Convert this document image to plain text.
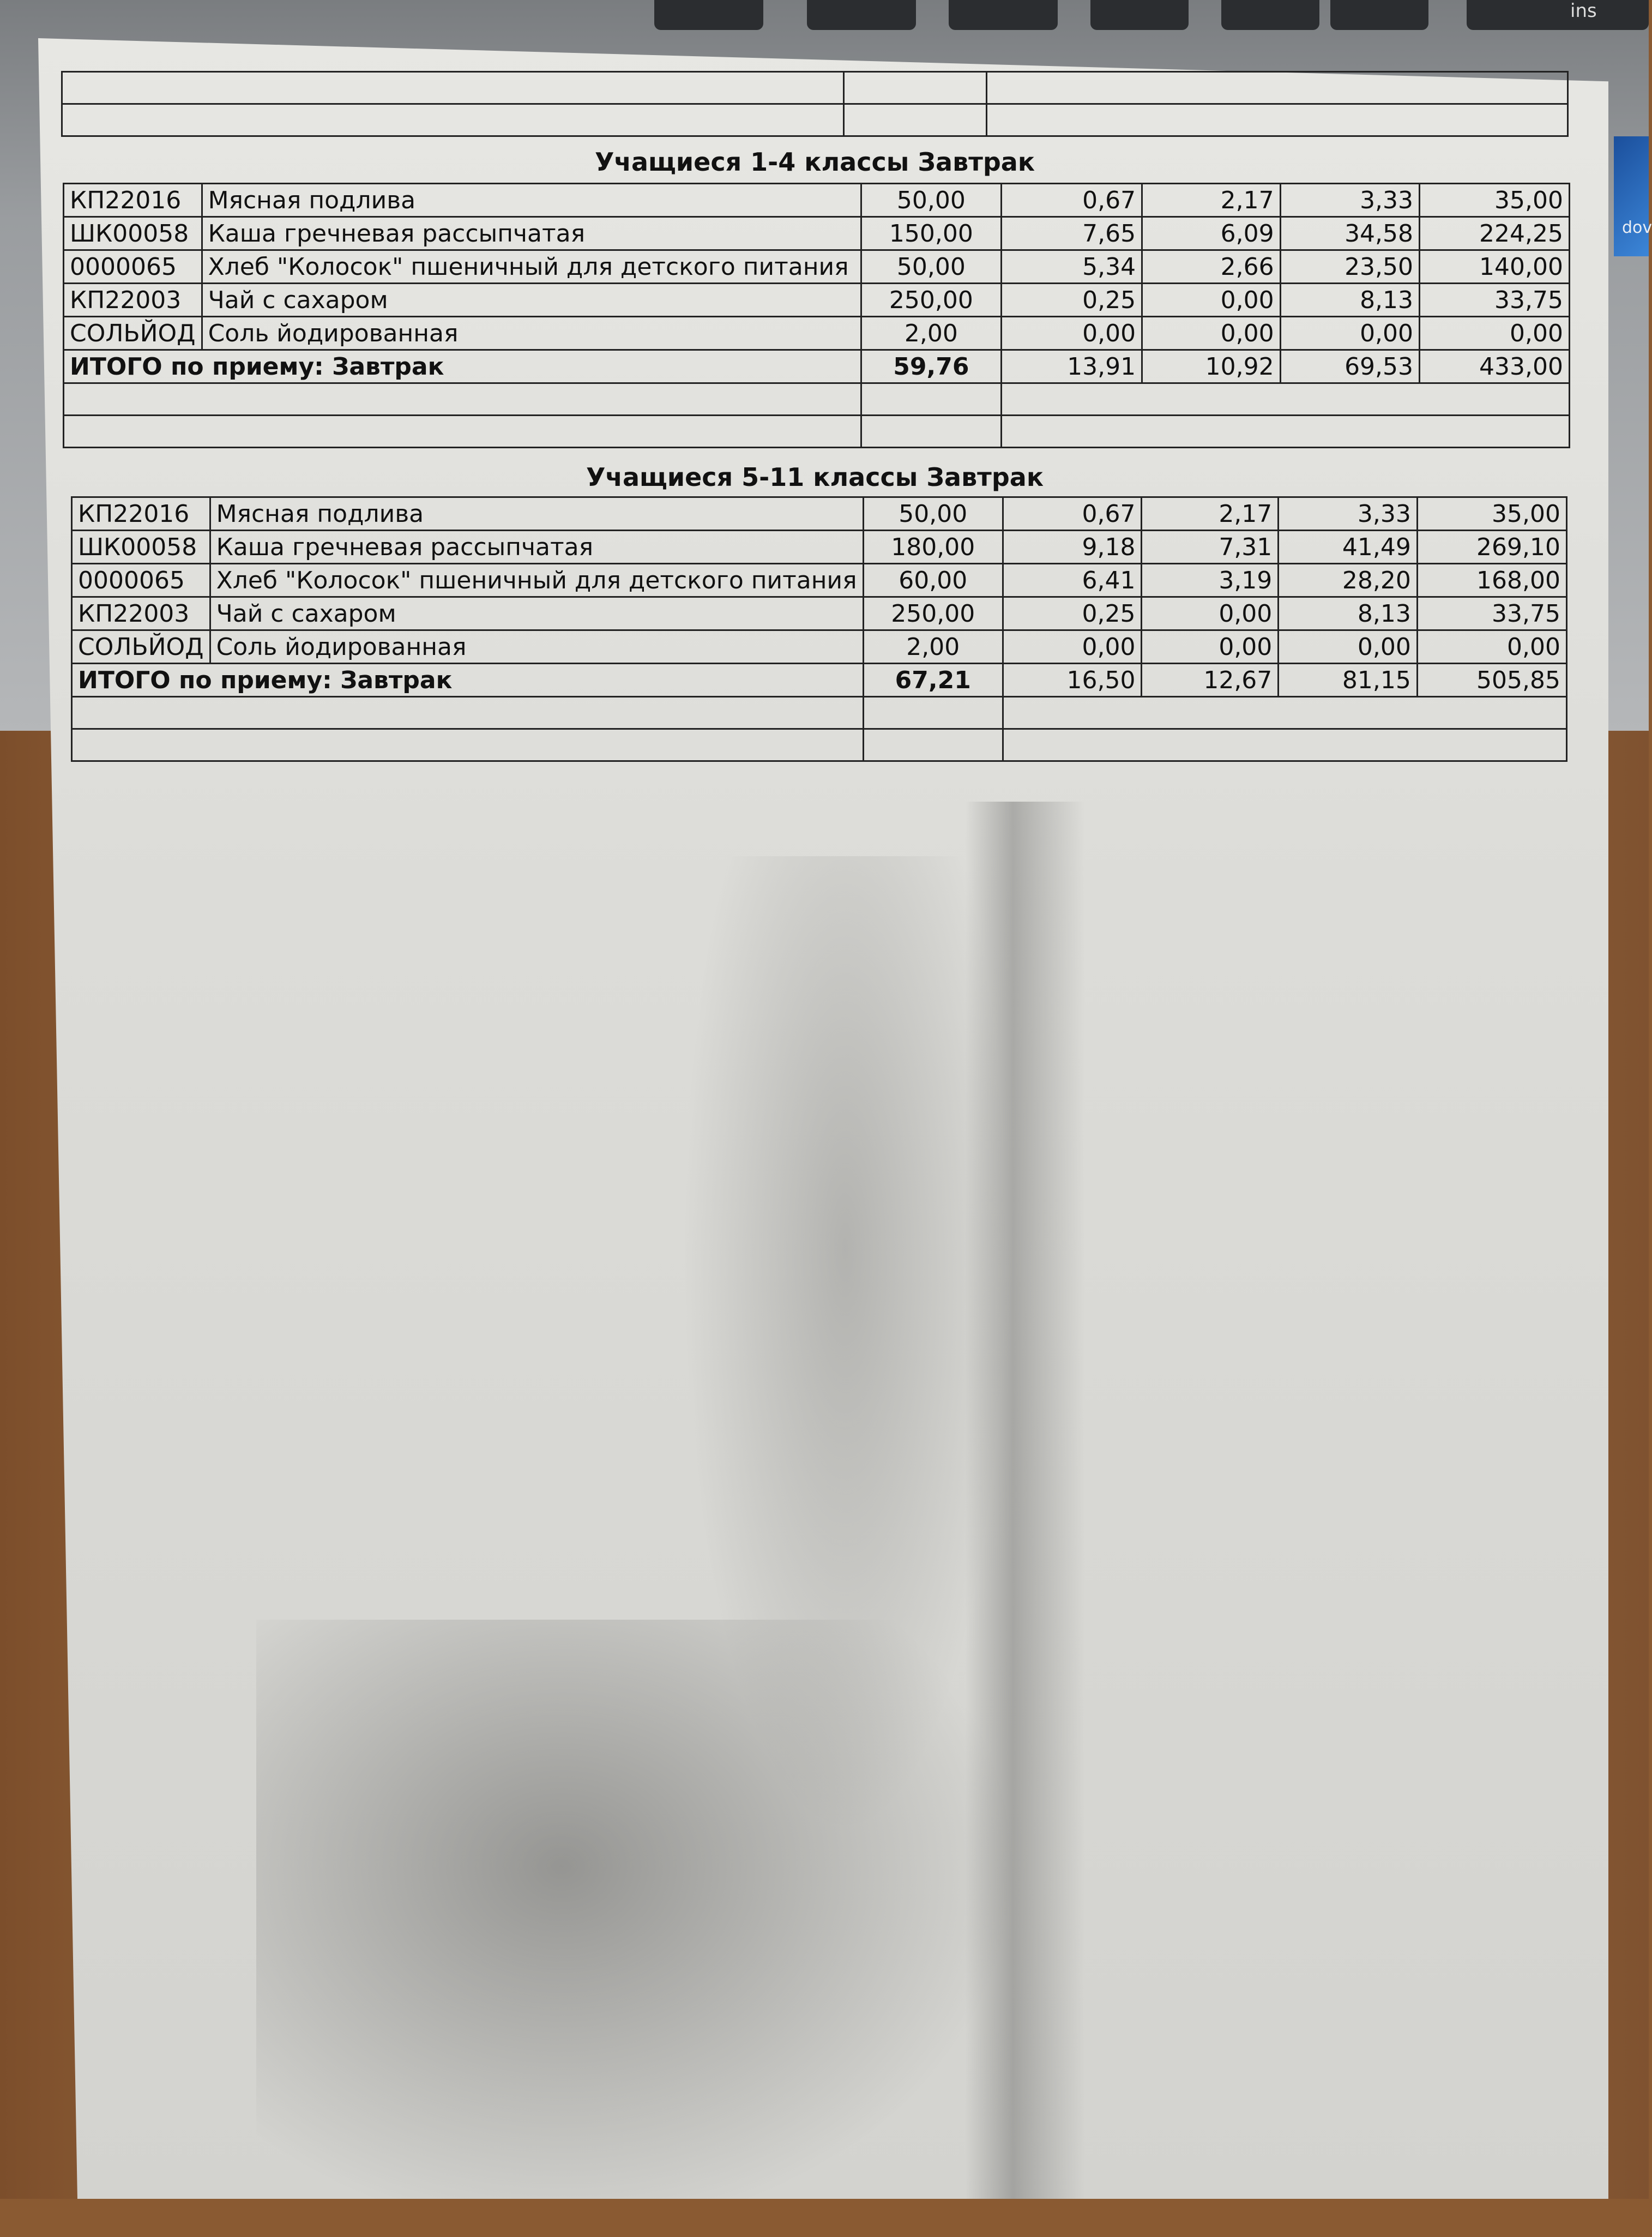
ins
dov

Учащиеся 1-4 классы Завтрак
Учащиеся 5-11 классы Завтрак
КП22016	Мясная подлива	50,00	0,67	2,17	3,33	35,00
ШК00058	Каша гречневая рассыпчатая	150,00	7,65	6,09	34,58	224,25
0000065	Хлеб "Колосок" пшеничный для детского питания	50,00	5,34	2,66	23,50	140,00
КП22003	Чай с сахаром	250,00	0,25	0,00	8,13	33,75
СОЛЬЙОД	Соль йодированная	2,00	0,00	0,00	0,00	0,00
ИТОГО по приему: Завтрак		59,76	13,91	10,92	69,53	433,00

КП22016	Мясная подлива	50,00	0,67	2,17	3,33	35,00
ШК00058	Каша гречневая рассыпчатая	180,00	9,18	7,31	41,49	269,10
0000065	Хлеб "Колосок" пшеничный для детского питания	60,00	6,41	3,19	28,20	168,00
КП22003	Чай с сахаром	250,00	0,25	0,00	8,13	33,75
СОЛЬЙОД	Соль йодированная	2,00	0,00	0,00	0,00	0,00
ИТОГО по приему: Завтрак		67,21	16,50	12,67	81,15	505,85
